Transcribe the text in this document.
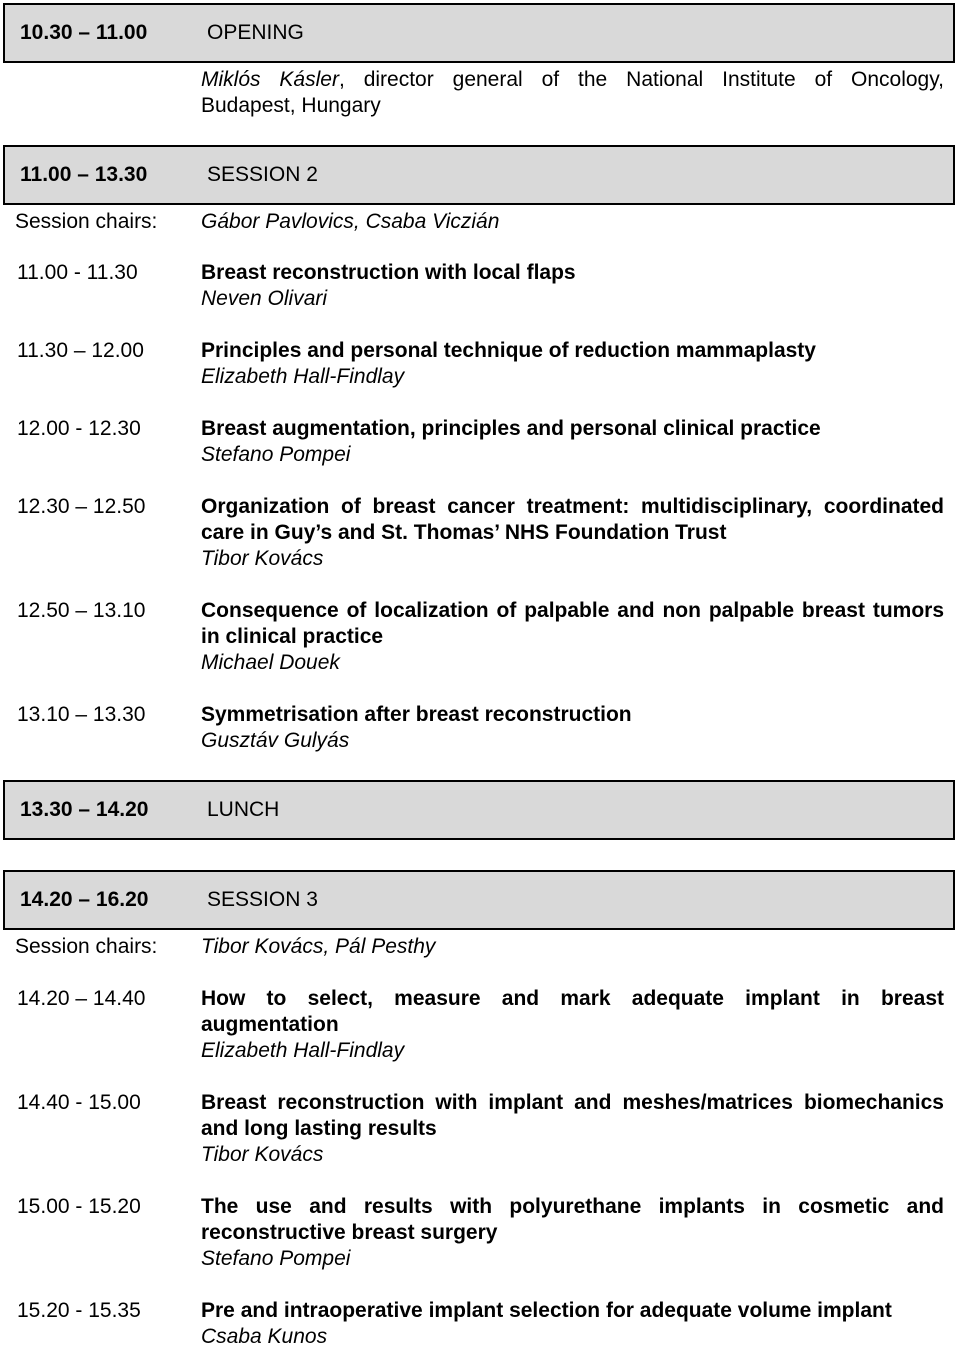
10.30 – 11.00	OPENING
Miklós Kásler, director general of the National Institute of Oncology,
Budapest, Hungary
11.00 – 13.30	SESSION 2
Session chairs: Gábor Pavlovics, Csaba Viczián
11.00 - 11.30	Breast reconstruction with local flaps
Neven Olivari
11.30 – 12.00	Principles and personal technique of reduction mammaplasty
Elizabeth Hall-Findlay
12.00 - 12.30	Breast augmentation, principles and personal clinical practice
Stefano Pompei
12.30 – 12.50	Organization of breast cancer treatment: multidisciplinary, coordinated care in Guy’s and St. Thomas’ NHS Foundation Trust
Tibor Kovács
12.50 – 13.10	Consequence of localization of palpable and non palpable breast tumors in clinical practice
Michael Douek
13.10 – 13.30	Symmetrisation after breast reconstruction
Gusztáv Gulyás
13.30 – 14.20	LUNCH
14.20 – 16.20	SESSION 3
Session chairs: Tibor Kovács, Pál Pesthy
14.20 – 14.40	How to select, measure and mark adequate implant in breast augmentation
Elizabeth Hall-Findlay
14.40 - 15.00	Breast reconstruction with implant and meshes/matrices biomechanics and long lasting results
Tibor Kovács
15.00 - 15.20	The use and results with polyurethane implants in cosmetic and reconstructive breast surgery
Stefano Pompei
15.20 - 15.35	Pre and intraoperative implant selection for adequate volume implant
Csaba Kunos
